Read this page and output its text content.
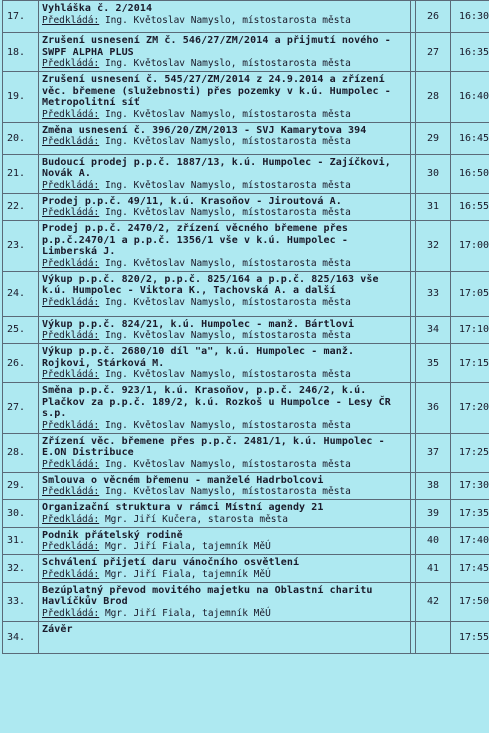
17.	Vyhláška č. 2/2014
Předkládá: Ing. Květoslav Namyslo, místostarosta města		26	16:30
18.	Zrušení usnesení ZM č. 546/27/ZM/2014 a přijmutí nového - SWPF ALPHA PLUS
Předkládá: Ing. Květoslav Namyslo, místostarosta města		27	16:35
19.	Zrušení usnesení č. 545/27/ZM/2014 z 24.9.2014 a zřízení věc. břemene (služebnosti) přes pozemky v k.ú. Humpolec - Metropolitní síť
Předkládá: Ing. Květoslav Namyslo, místostarosta města		28	16:40
20.	Změna usnesení č. 396/20/ZM/2013 - SVJ Kamarytova 394
Předkládá: Ing. Květoslav Namyslo, místostarosta města		29	16:45
21.	Budoucí prodej p.p.č. 1887/13, k.ú. Humpolec - Zajíčkovi, Novák A.
Předkládá: Ing. Květoslav Namyslo, místostarosta města		30	16:50
22.	Prodej p.p.č. 49/11, k.ú. Krasoňov - Jiroutová A.
Předkládá: Ing. Květoslav Namyslo, místostarosta města		31	16:55
23.	Prodej p.p.č. 2470/2, zřízení věcného břemene přes p.p.č.2470/1 a p.p.č. 1356/1 vše v k.ú. Humpolec - Limberská J.
Předkládá: Ing. Květoslav Namyslo, místostarosta města		32	17:00
24.	Výkup p.p.č. 820/2, p.p.č. 825/164 a p.p.č. 825/163 vše k.ú. Humpolec - Viktora K., Tachovská A. a další
Předkládá: Ing. Květoslav Namyslo, místostarosta města		33	17:05
25.	Výkup p.p.č. 824/21, k.ú. Humpolec - manž. Bártlovi
Předkládá: Ing. Květoslav Namyslo, místostarosta města		34	17:10
26.	Výkup p.p.č. 2680/10 díl "a", k.ú. Humpolec - manž. Rojkovi, Stárková M.
Předkládá: Ing. Květoslav Namyslo, místostarosta města		35	17:15
27.	Směna p.p.č. 923/1, k.ú. Krasoňov, p.p.č. 246/2, k.ú. Plačkov za p.p.č. 189/2, k.ú. Rozkoš u Humpolce - Lesy ČR s.p.
Předkládá: Ing. Květoslav Namyslo, místostarosta města		36	17:20
28.	Zřízení věc. břemene přes p.p.č. 2481/1, k.ú. Humpolec - E.ON Distribuce
Předkládá: Ing. Květoslav Namyslo, místostarosta města		37	17:25
29.	Smlouva o věcném břemenu - manželé Hadrbolcovi
Předkládá: Ing. Květoslav Namyslo, místostarosta města		38	17:30
30.	Organizační struktura v rámci Místní agendy 21
Předkládá: Mgr. Jiří Kučera, starosta města		39	17:35
31.	Podnik přátelský rodině
Předkládá: Mgr. Jiří Fiala, tajemník MěÚ		40	17:40
32.	Schválení přijetí daru vánočního osvětlení
Předkládá: Mgr. Jiří Fiala, tajemník MěÚ		41	17:45
33.	Bezúplatný převod movitého majetku na Oblastní charitu Havlíčkův Brod
Předkládá: Mgr. Jiří Fiala, tajemník MěÚ		42	17:50
34.	Závěr			17:55
